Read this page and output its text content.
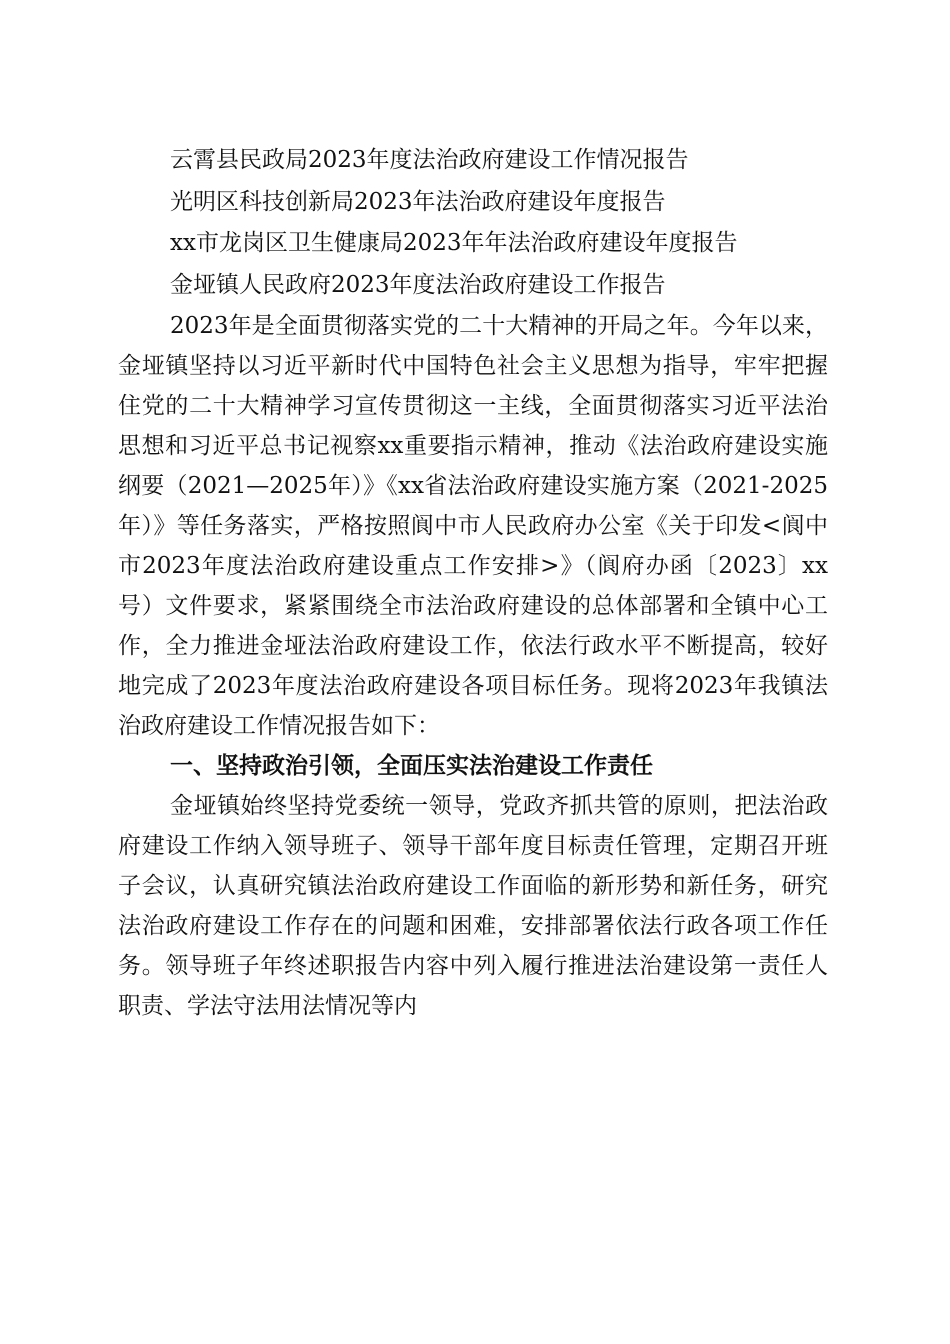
云霄县民政局2023年度法治政府建设工作情况报告

光明区科技创新局2023年法治政府建设年度报告

xx市龙岗区卫生健康局2023年年法治政府建设年度报告

金垭镇人民政府2023年度法治政府建设工作报告

2023年是全面贯彻落实党的二十大精神的开局之年。今年以来，金垭镇坚持以习近平新时代中国特色社会主义思想为指导，牢牢把握住党的二十大精神学习宣传贯彻这一主线，全面贯彻落实习近平法治思想和习近平总书记视察xx重要指示精神，推动《法治政府建设实施纲要（2021—2025年）》《xx省法治政府建设实施方案（2021-2025年）》等任务落实，严格按照阆中市人民政府办公室《关于印发<阆中市2023年度法治政府建设重点工作安排>》（阆府办函〔2023〕xx号）文件要求，紧紧围绕全市法治政府建设的总体部署和全镇中心工作，全力推进金垭法治政府建设工作，依法行政水平不断提高，较好地完成了2023年度法治政府建设各项目标任务。现将2023年我镇法治政府建设工作情况报告如下：

一、坚持政治引领，全面压实法治建设工作责任

金垭镇始终坚持党委统一领导，党政齐抓共管的原则，把法治政府建设工作纳入领导班子、领导干部年度目标责任管理，定期召开班子会议，认真研究镇法治政府建设工作面临的新形势和新任务，研究法治政府建设工作存在的问题和困难，安排部署依法行政各项工作任务。领导班子年终述职报告内容中列入履行推进法治建设第一责任人职责、学法守法用法情况等内
